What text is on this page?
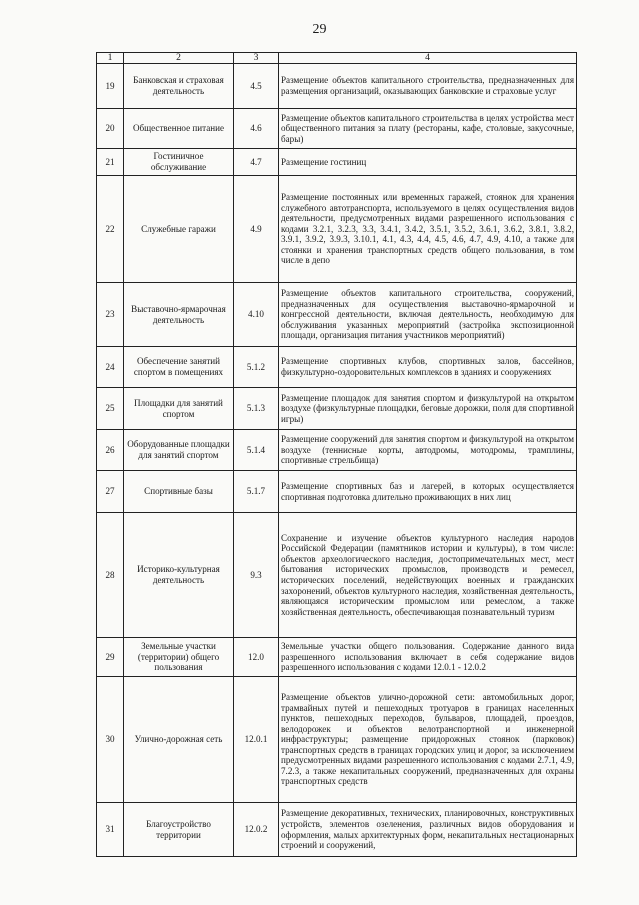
29
1	2	3	4
19	Банковская и страховая деятельность	4.5	Размещение объектов капитального строительства, предназначенных для размещения организаций, оказывающих банковские и страховые услуг
20	Общественное питание	4.6	Размещение объектов капитального строительства в целях устройства мест общественного питания за плату (рестораны, кафе, столовые, закусочные, бары)
21	Гостиничное обслуживание	4.7	Размещение гостиниц
22	Служебные гаражи	4.9	Размещение постоянных или временных гаражей, стоянок для хранения служебного автотранспорта, используемого в целях осуществления видов деятельности, предусмотренных видами разрешенного использования с кодами 3.2.1, 3.2.3, 3.3, 3.4.1, 3.4.2, 3.5.1, 3.5.2, 3.6.1, 3.6.2, 3.8.1, 3.8.2, 3.9.1, 3.9.2, 3.9.3, 3.10.1, 4.1, 4.3, 4.4, 4.5, 4.6, 4.7, 4.9, 4.10, а также для стоянки и хранения транспортных средств общего пользования, в том числе в депо
23	Выставочно-ярмарочная деятельность	4.10	Размещение объектов капитального строительства, сооружений, предназначенных для осуществления выставочно-ярмарочной и конгрессной деятельности, включая деятельность, необходимую для обслуживания указанных мероприятий (застройка экспозиционной площади, организация питания участников мероприятий)
24	Обеспечение занятий спортом в помещениях	5.1.2	Размещение спортивных клубов, спортивных залов, бассейнов, физкультурно-оздоровительных комплексов в зданиях и сооружениях
25	Площадки для занятий спортом	5.1.3	Размещение площадок для занятия спортом и физкультурой на открытом воздухе (физкультурные площадки, беговые дорожки, поля для спортивной игры)
26	Оборудованные площадки для занятий спортом	5.1.4	Размещение сооружений для занятия спортом и физкультурой на открытом воздухе (теннисные корты, автодромы, мотодромы, трамплины, спортивные стрельбища)
27	Спортивные базы	5.1.7	Размещение спортивных баз и лагерей, в которых осуществляется спортивная подготовка длительно проживающих в них лиц
28	Историко-культурная деятельность	9.3	Сохранение и изучение объектов культурного наследия народов Российской Федерации (памятников истории и культуры), в том числе: объектов археологического наследия, достопримечательных мест, мест бытования исторических промыслов, производств и ремесел, исторических поселений, недействующих военных и гражданских захоронений, объектов культурного наследия, хозяйственная деятельность, являющаяся историческим промыслом или ремеслом, а также хозяйственная деятельность, обеспечивающая познавательный туризм
29	Земельные участки (территории) общего пользования	12.0	Земельные участки общего пользования. Содержание данного вида разрешенного использования включает в себя содержание видов разрешенного использования с кодами 12.0.1 - 12.0.2
30	Улично-дорожная сеть	12.0.1	Размещение объектов улично-дорожной сети: автомобильных дорог, трамвайных путей и пешеходных тротуаров в границах населенных пунктов, пешеходных переходов, бульваров, площадей, проездов, велодорожек и объектов велотранспортной и инженерной инфраструктуры; размещение придорожных стоянок (парковок) транспортных средств в границах городских улиц и дорог, за исключением предусмотренных видами разрешенного использования с кодами 2.7.1, 4.9, 7.2.3, а также некапитальных сооружений, предназначенных для охраны транспортных средств
31	Благоустройство территории	12.0.2	Размещение декоративных, технических, планировочных, конструктивных устройств, элементов озеленения, различных видов оборудования и оформления, малых архитектурных форм, некапитальных нестационарных строений и сооружений,
